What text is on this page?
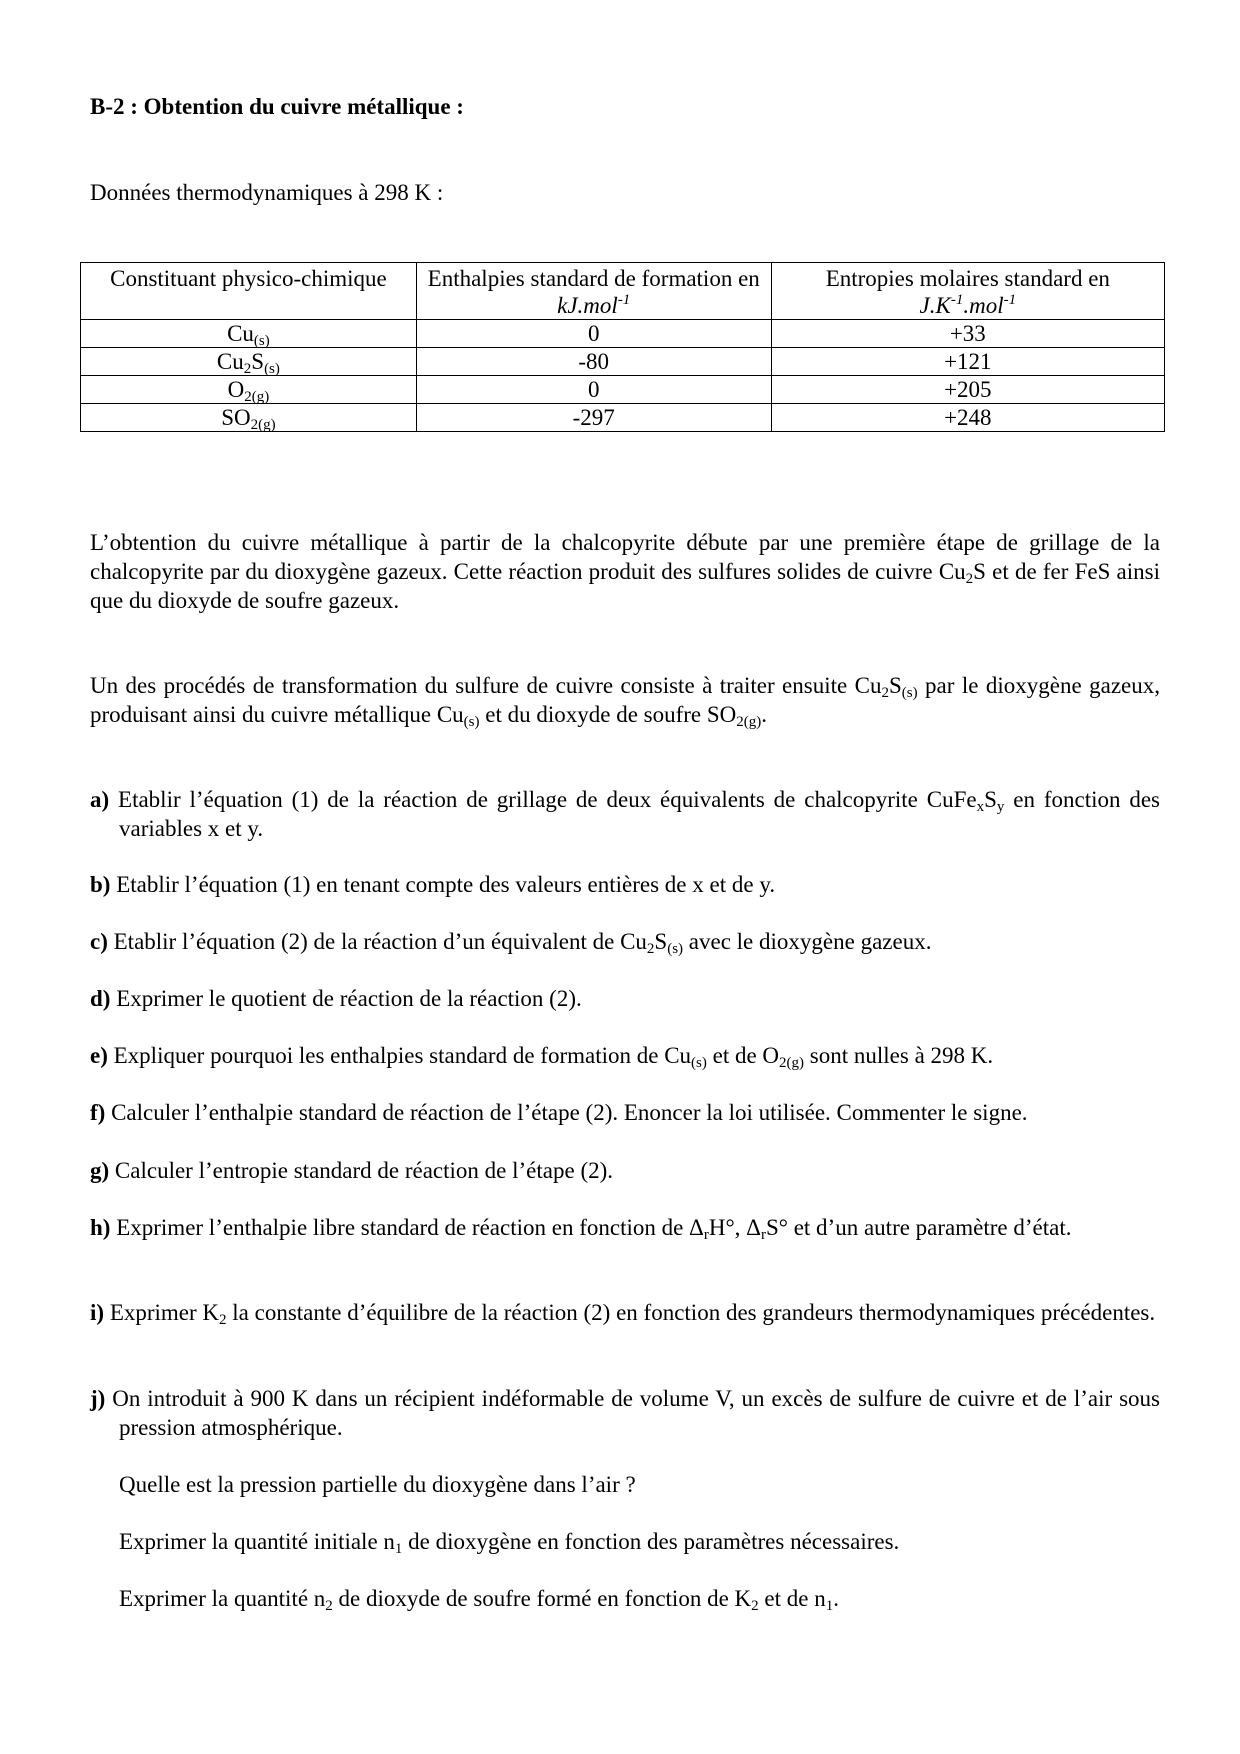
B-2 : Obtention du cuivre métallique :
Données thermodynamiques à 298 K :
Constituant physico-chimique	Enthalpies standard de formation en kJ.mol$^{-1}$	Entropies molaires standard en
$J.K^{-1}.mol^{-1}$
$Cu_{(s)}$	0	+33
$Cu_2S_{(s)}$	-80	+121
$O_{2(g)}$	0	+205
$SO_{2(g)}$	-297	+248
L’obtention du cuivre métallique à partir de la chalcopyrite débute par une première étape de grillage de la chalcopyrite par du dioxygène gazeux. Cette réaction produit des sulfures solides de cuivre $Cu_2S$ et de fer FeS ainsi que du dioxyde de soufre gazeux.
Un des procédés de transformation du sulfure de cuivre consiste à traiter ensuite $Cu_2S_{(s)}$ par le dioxygène gazeux, produisant ainsi du cuivre métallique $Cu_{(s)}$ et du dioxyde de soufre $SO_{2(g)}$.
a) Etablir l’équation (1) de la réaction de grillage de deux équivalents de chalcopyrite $CuFe_xS_y$ en fonction des variables x et y.
b) Etablir l’équation (1) en tenant compte des valeurs entières de x et de y.
c) Etablir l’équation (2) de la réaction d’un équivalent de $Cu_2S_{(s)}$ avec le dioxygène gazeux.
d) Exprimer le quotient de réaction de la réaction (2).
e) Expliquer pourquoi les enthalpies standard de formation de $Cu_{(s)}$ et de $O_{2(g)}$ sont nulles à 298 K.
f) Calculer l’enthalpie standard de réaction de l’étape (2). Enoncer la loi utilisée. Commenter le signe.
g) Calculer l’entropie standard de réaction de l’étape (2).
h) Exprimer l’enthalpie libre standard de réaction en fonction de $\Delta_rH^\circ$, $\Delta_rS^\circ$ et d’un autre paramètre d’état.
i) Exprimer $K_2$ la constante d’équilibre de la réaction (2) en fonction des grandeurs thermodynamiques précédentes.
j) On introduit à 900 K dans un récipient indéformable de volume V, un excès de sulfure de cuivre et de l’air sous pression atmosphérique.
Quelle est la pression partielle du dioxygène dans l’air ?
Exprimer la quantité initiale $n_1$ de dioxygène en fonction des paramètres nécessaires.
Exprimer la quantité $n_2$ de dioxyde de soufre formé en fonction de $K_2$ et de $n_1$.
